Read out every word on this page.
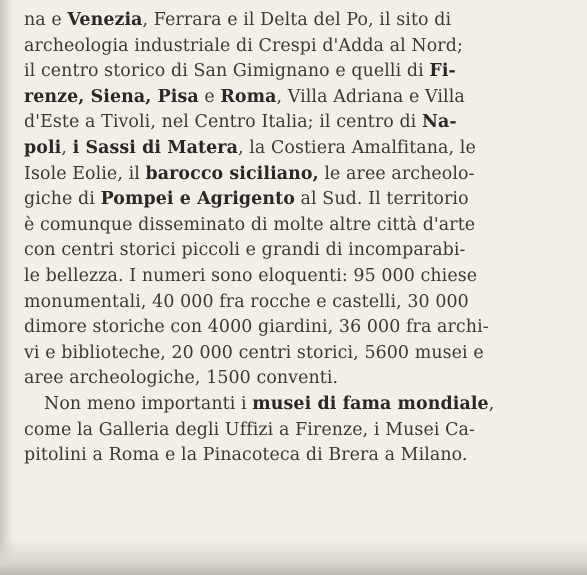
na e Venezia, Ferrara e il Delta del Po, il sito di
archeologia industriale di Crespi d'Adda al Nord;
il centro storico di San Gimignano e quelli di Fi-
renze, Siena, Pisa e Roma, Villa Adriana e Villa
d'Este a Tivoli, nel Centro Italia; il centro di Na-
poli, i Sassi di Matera, la Costiera Amalfitana, le
Isole Eolie, il barocco siciliano, le aree archeolo-
giche di Pompei e Agrigento al Sud. Il territorio
è comunque disseminato di molte altre città d'arte
con centri storici piccoli e grandi di incomparabi-
le bellezza. I numeri sono eloquenti: 95 000 chiese
monumentali, 40 000 fra rocche e castelli, 30 000
dimore storiche con 4000 giardini, 36 000 fra archi-
vi e biblioteche, 20 000 centri storici, 5600 musei e
aree archeologiche, 1500 conventi.
Non meno importanti i musei di fama mondiale,
come la Galleria degli Uffizi a Firenze, i Musei Ca-
pitolini a Roma e la Pinacoteca di Brera a Milano.
